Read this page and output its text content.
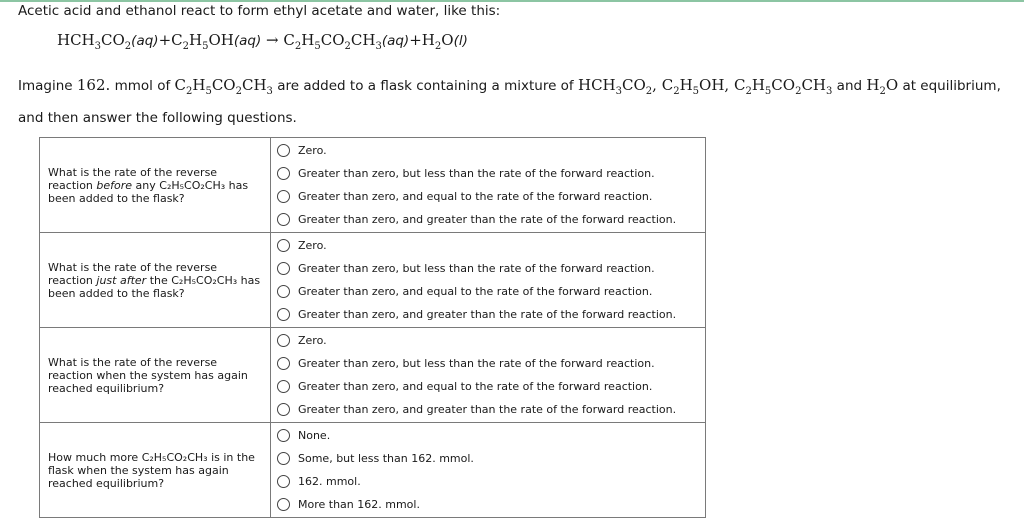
Acetic acid and ethanol react to form ethyl acetate and water, like this:
$HCH_3CO_2(aq)+C_2H_5OH(aq) \to C_2H_5CO_2CH_3(aq)+H_2O(l)$
Imagine 162. mmol of $C_2H_5CO_2CH_3$ are added to a flask containing a mixture of $HCH_3CO_2$, $C_2H_5OH$, $C_2H_5CO_2CH_3$ and $H_2O$ at equilibrium, and then answer the following questions.
What is the rate of the reverse reaction before any C₂H₅CO₂CH₃ has been added to the flask?	Zero.
Greater than zero, but less than the rate of the forward reaction.
Greater than zero, and equal to the rate of the forward reaction.
Greater than zero, and greater than the rate of the forward reaction.

What is the rate of the reverse reaction just after the C₂H₅CO₂CH₃ has been added to the flask?	Zero.
Greater than zero, but less than the rate of the forward reaction.
Greater than zero, and equal to the rate of the forward reaction.
Greater than zero, and greater than the rate of the forward reaction.

What is the rate of the reverse reaction when the system has again reached equilibrium?	Zero.
Greater than zero, but less than the rate of the forward reaction.
Greater than zero, and equal to the rate of the forward reaction.
Greater than zero, and greater than the rate of the forward reaction.

How much more C₂H₅CO₂CH₃ is in the flask when the system has again reached equilibrium?	None.
Some, but less than 162. mmol.
162. mmol.
More than 162. mmol.
